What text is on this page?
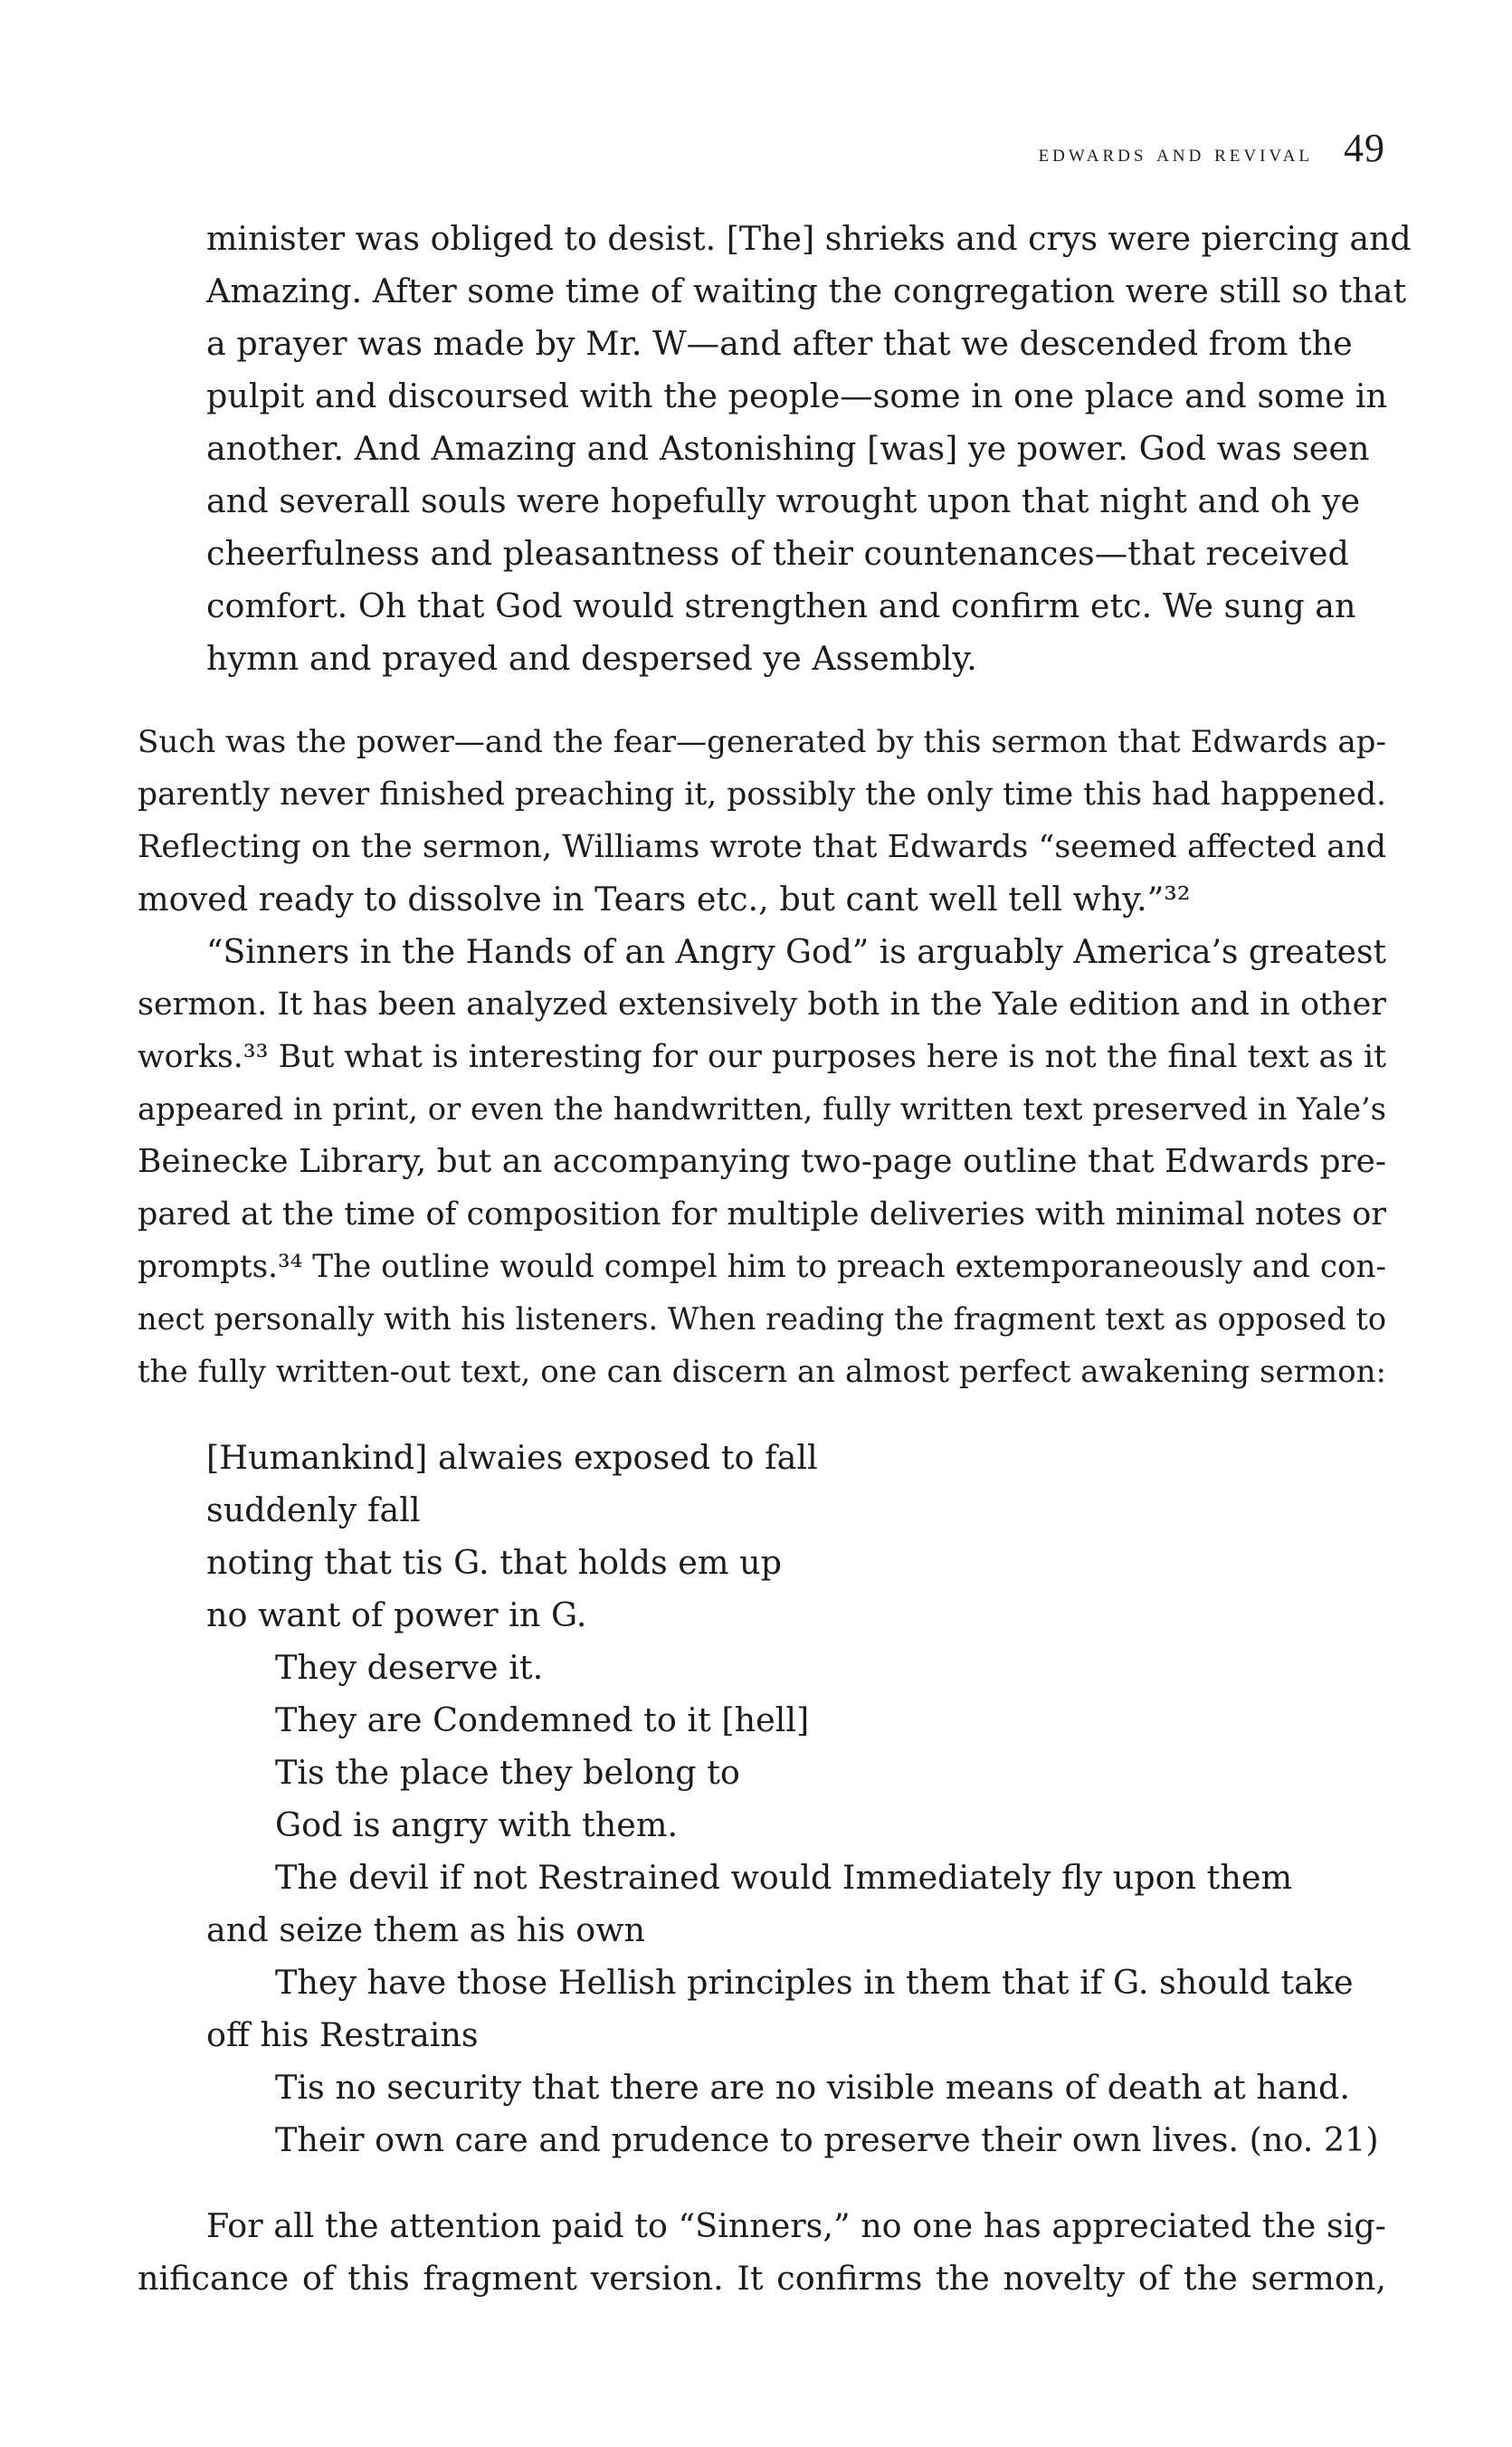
edwards and revival 49
minister was obliged to desist. [The] shrieks and crys were piercing and
Amazing. After some time of waiting the congregation were still so that
a prayer was made by Mr. W—and after that we descended from the
pulpit and discoursed with the people—some in one place and some in
another. And Amazing and Astonishing [was] ye power. God was seen
and severall souls were hopefully wrought upon that night and oh ye
cheerfulness and pleasantness of their countenances—that received
comfort. Oh that God would strengthen and confirm etc. We sung an
hymn and prayed and despersed ye Assembly.
Such was the power—and the fear—generated by this sermon that Edwards ap-
parently never finished preaching it, possibly the only time this had happened.
Reflecting on the sermon, Williams wrote that Edwards “seemed affected and
moved ready to dissolve in Tears etc., but cant well tell why.”³²
“Sinners in the Hands of an Angry God” is arguably America’s greatest
sermon. It has been analyzed extensively both in the Yale edition and in other
works.³³ But what is interesting for our purposes here is not the final text as it
appeared in print, or even the handwritten, fully written text preserved in Yale’s
Beinecke Library, but an accompanying two-page outline that Edwards pre-
pared at the time of composition for multiple deliveries with minimal notes or
prompts.³⁴ The outline would compel him to preach extemporaneously and con-
nect personally with his listeners. When reading the fragment text as opposed to
the fully written-out text, one can discern an almost perfect awakening sermon:
[Humankind] alwaies exposed to fall
suddenly fall
noting that tis G. that holds em up
no want of power in G.
They deserve it.
They are Condemned to it [hell]
Tis the place they belong to
God is angry with them.
The devil if not Restrained would Immediately fly upon them
and seize them as his own
They have those Hellish principles in them that if G. should take
off his Restrains
Tis no security that there are no visible means of death at hand.
Their own care and prudence to preserve their own lives. (no. 21)
For all the attention paid to “Sinners,” no one has appreciated the sig-
nificance of this fragment version. It confirms the novelty of the sermon,
